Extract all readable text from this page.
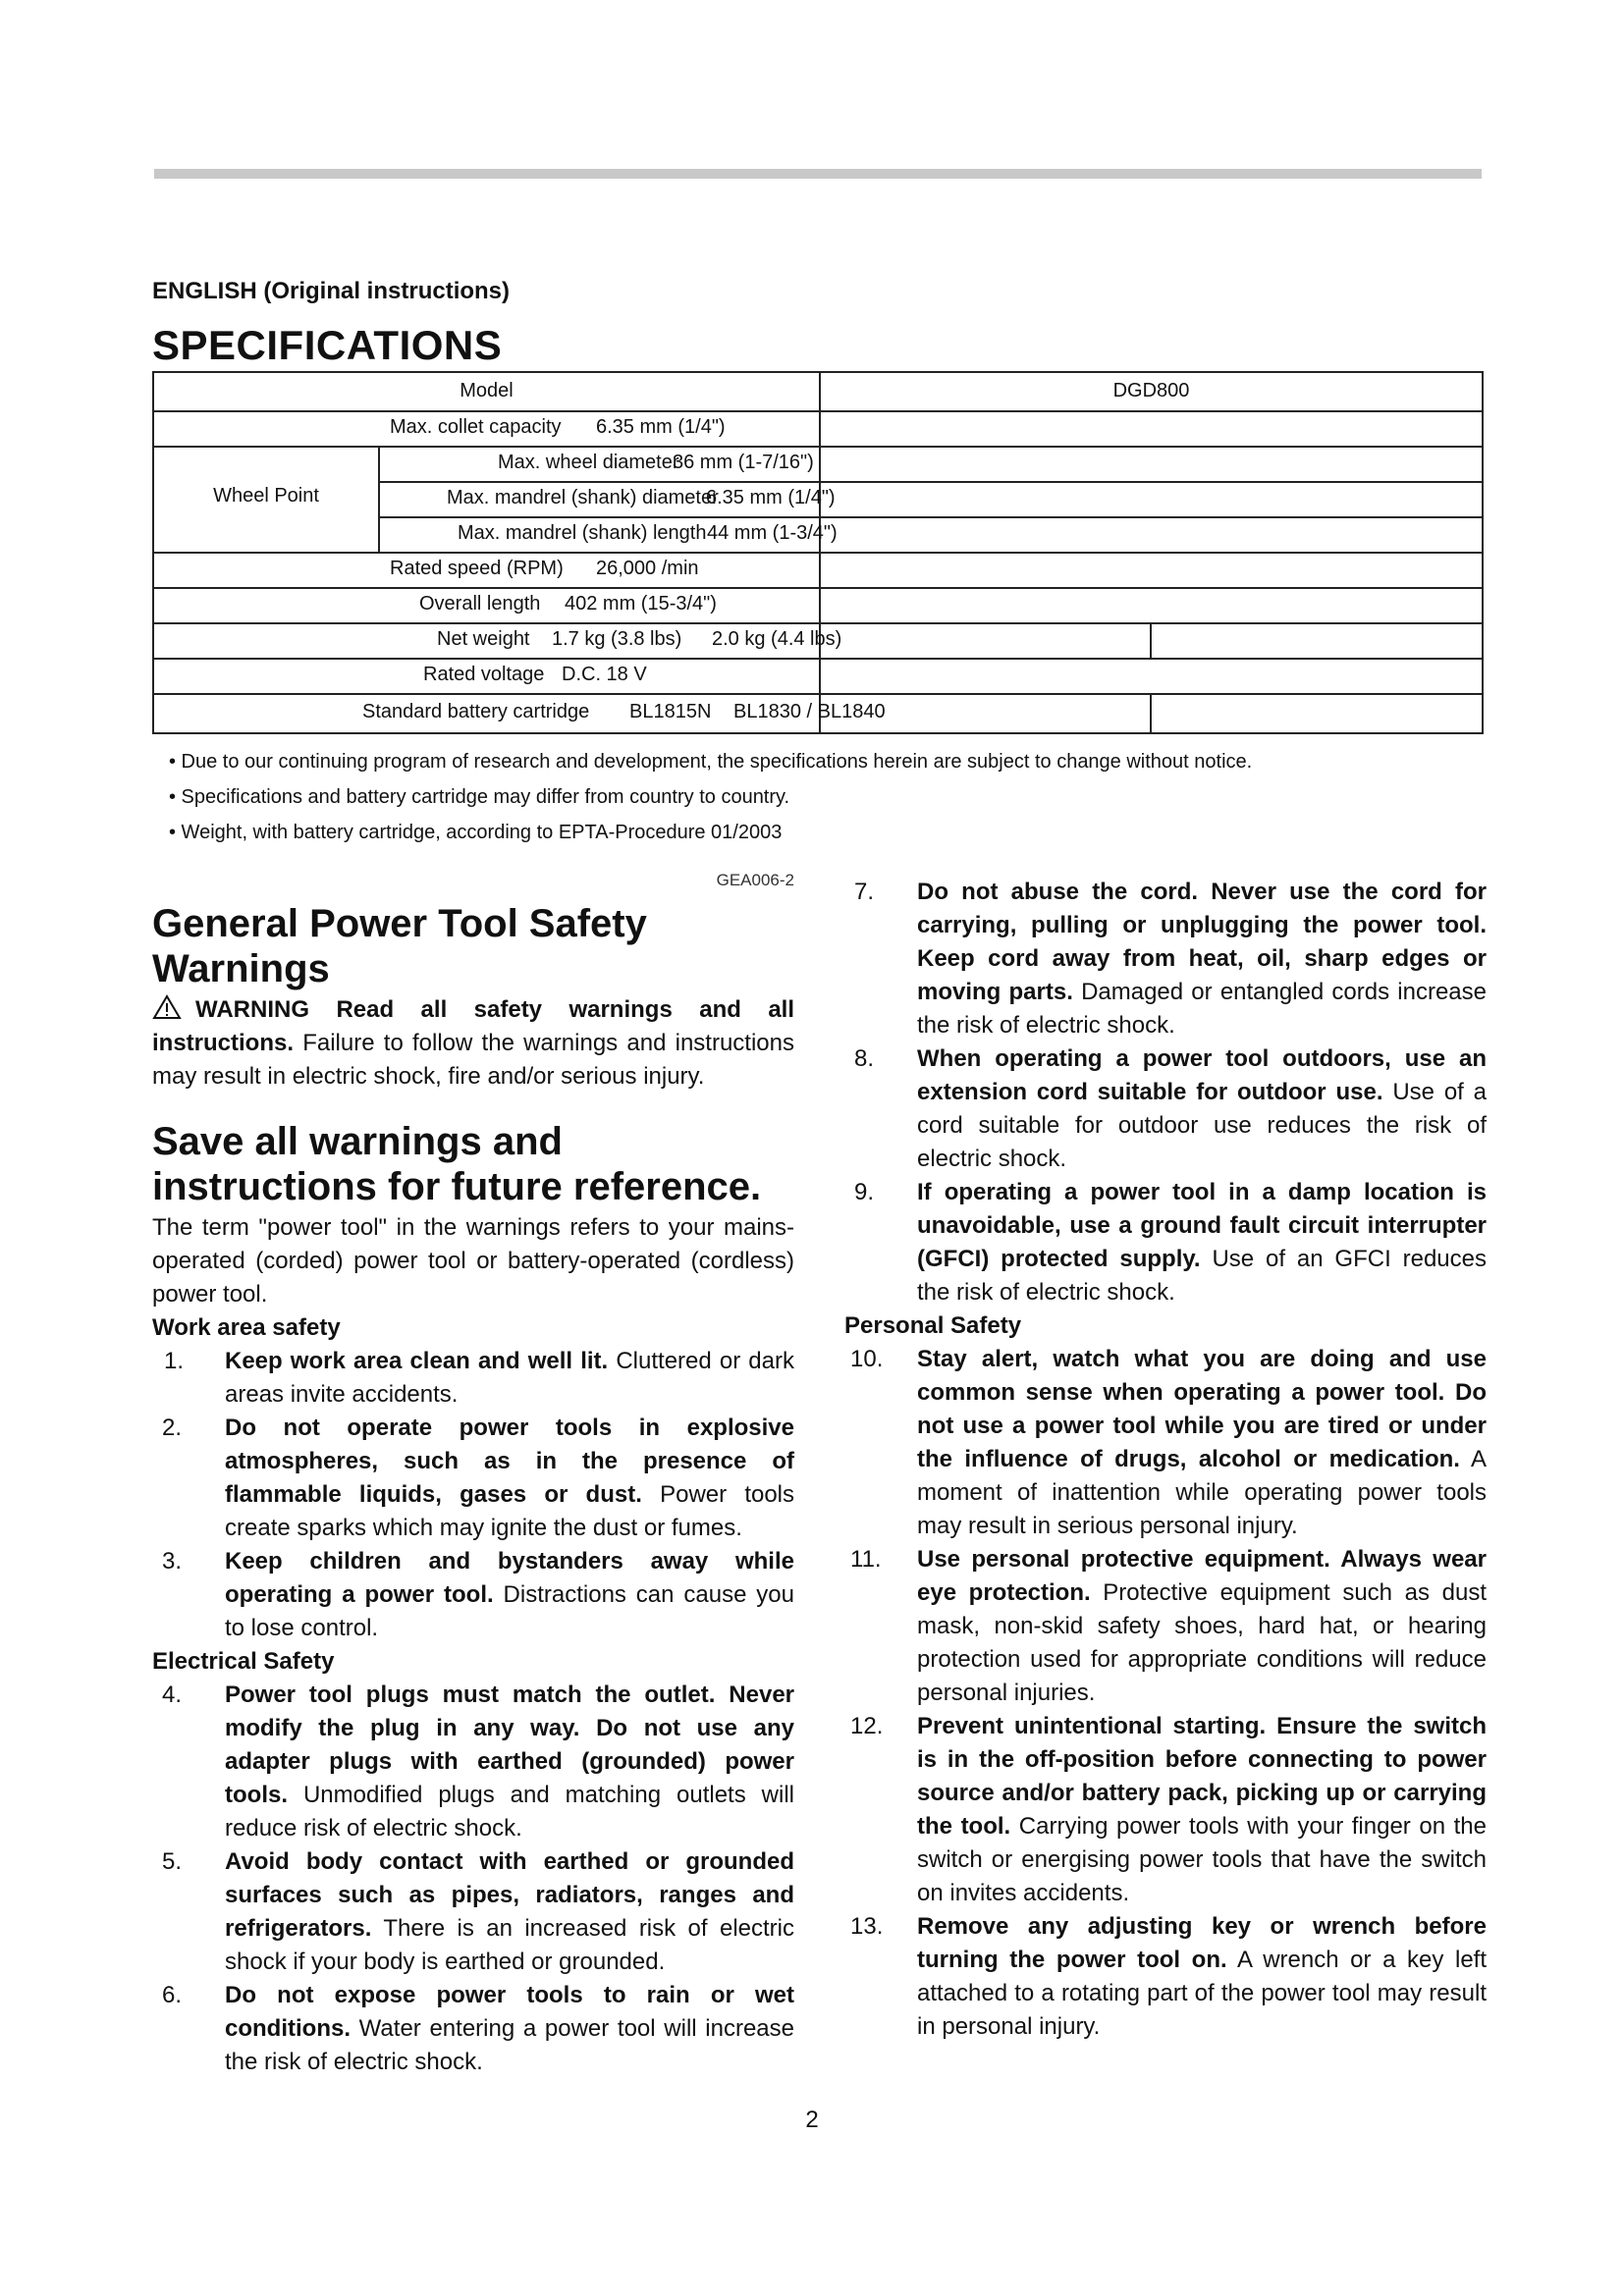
ENGLISH (Original instructions)
SPECIFICATIONS
Model	DGD800
Max. collet capacity 6.35 mm (1/4")
Wheel Point
Max. wheel diameter
36 mm (1-7/16")
Max. mandrel (shank) diameter
6.35 mm (1/4")
Max. mandrel (shank) length 44 mm (1-3/4")
Rated speed (RPM) 26,000 /min
Overall length 402 mm (15-3/4")
Net weight 1.7 kg (3.8 lbs) 2.0 kg (4.4 lbs)
Rated voltage D.C. 18 V
Standard battery cartridge BL1815N BL1830 / BL1840
• Due to our continuing program of research and development, the specifications herein are subject to change without notice.
• Specifications and battery cartridge may differ from country to country.
• Weight, with battery cartridge, according to EPTA-Procedure 01/2003
GEA006-2
General Power Tool Safety Warnings
WARNING Read all safety warnings and all instructions. Failure to follow the warnings and instructions may result in electric shock, fire and/or serious injury.
Save all warnings and instructions for future reference.
The term "power tool" in the warnings refers to your mains-operated (corded) power tool or battery-operated (cordless) power tool.
Work area safety
1. Keep work area clean and well lit. Cluttered or dark areas invite accidents.
2. Do not operate power tools in explosive atmospheres, such as in the presence of flammable liquids, gases or dust. Power tools create sparks which may ignite the dust or fumes.
3. Keep children and bystanders away while operating a power tool. Distractions can cause you to lose control.
Electrical Safety
4. Power tool plugs must match the outlet. Never modify the plug in any way. Do not use any adapter plugs with earthed (grounded) power tools. Unmodified plugs and matching outlets will reduce risk of electric shock.
5. Avoid body contact with earthed or grounded surfaces such as pipes, radiators, ranges and refrigerators. There is an increased risk of electric shock if your body is earthed or grounded.
6. Do not expose power tools to rain or wet conditions. Water entering a power tool will increase the risk of electric shock.
7. Do not abuse the cord. Never use the cord for carrying, pulling or unplugging the power tool. Keep cord away from heat, oil, sharp edges or moving parts. Damaged or entangled cords increase the risk of electric shock.
8. When operating a power tool outdoors, use an extension cord suitable for outdoor use. Use of a cord suitable for outdoor use reduces the risk of electric shock.
9. If operating a power tool in a damp location is unavoidable, use a ground fault circuit interrupter (GFCI) protected supply. Use of an GFCI reduces the risk of electric shock.
Personal Safety
10. Stay alert, watch what you are doing and use common sense when operating a power tool. Do not use a power tool while you are tired or under the influence of drugs, alcohol or medication. A moment of inattention while operating power tools may result in serious personal injury.
11. Use personal protective equipment. Always wear eye protection. Protective equipment such as dust mask, non-skid safety shoes, hard hat, or hearing protection used for appropriate conditions will reduce personal injuries.
12. Prevent unintentional starting. Ensure the switch is in the off-position before connecting to power source and/or battery pack, picking up or carrying the tool. Carrying power tools with your finger on the switch or energising power tools that have the switch on invites accidents.
13. Remove any adjusting key or wrench before turning the power tool on. A wrench or a key left attached to a rotating part of the power tool may result in personal injury.
2
